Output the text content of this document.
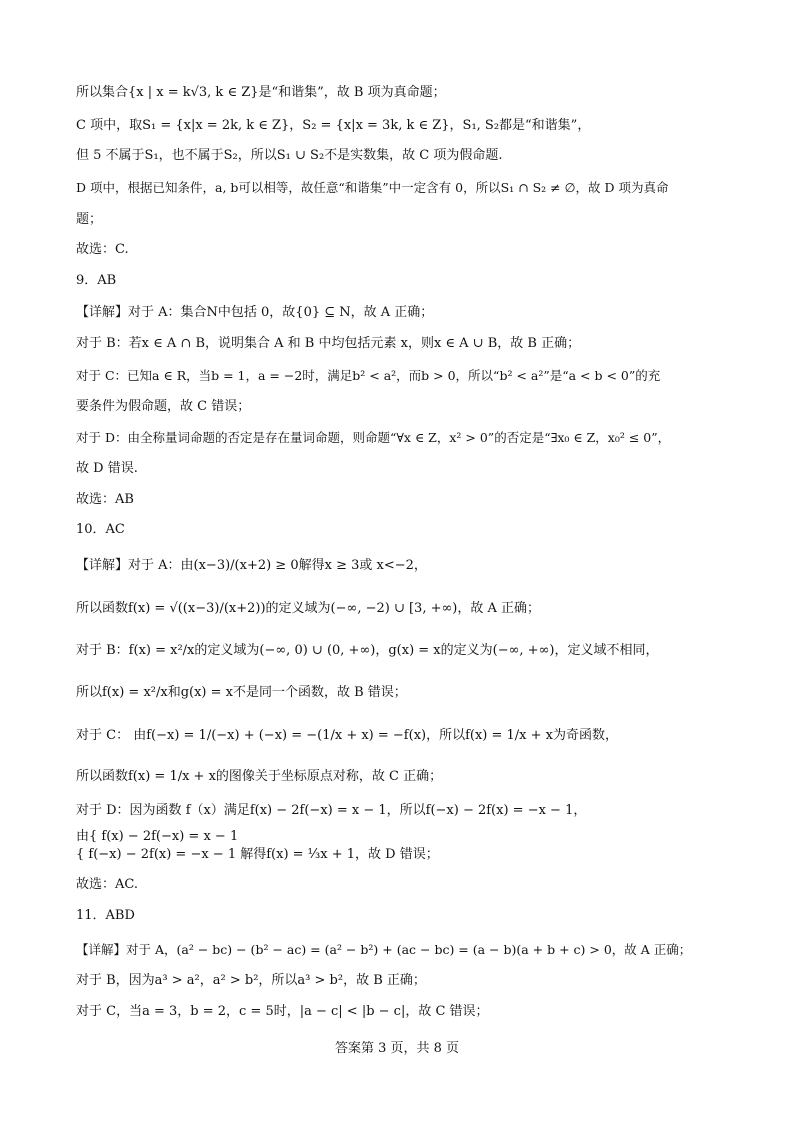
所以集合{x | x = k√3, k ∈ Z}是“和谐集”，故 B 项为真命题；
C 项中，取S₁ = {x|x = 2k, k ∈ Z}，S₂ = {x|x = 3k, k ∈ Z}，S₁, S₂都是“和谐集”，
但 5 不属于S₁，也不属于S₂，所以S₁ ∪ S₂不是实数集，故 C 项为假命题.
D 项中，根据已知条件，a, b可以相等，故任意“和谐集”中一定含有 0，所以S₁ ∩ S₂ ≠ ∅，故 D 项为真命
题；
故选：C.
9．AB
【详解】对于 A：集合N中包括 0，故{0} ⊆ N，故 A 正确；
对于 B：若x ∈ A ∩ B，说明集合 A 和 B 中均包括元素 x，则x ∈ A ∪ B，故 B 正确；
对于 C：已知a ∈ R，当b = 1，a = −2时，满足b² < a²，而b > 0，所以“b² < a²”是“a < b < 0”的充
要条件为假命题，故 C 错误；
对于 D：由全称量词命题的否定是存在量词命题，则命题“∀x ∈ Z，x² > 0”的否定是“∃x₀ ∈ Z，x₀² ≤ 0”，
故 D 错误.
故选：AB
10．AC
【详解】对于 A：由(x−3)/(x+2) ≥ 0解得x ≥ 3或 x<−2，
所以函数f(x) = √((x−3)/(x+2))的定义域为(−∞, −2) ∪ [3, +∞)，故 A 正确；
对于 B：f(x) = x²/x的定义域为(−∞, 0) ∪ (0, +∞)，g(x) = x的定义为(−∞, +∞)，定义域不相同，
所以f(x) = x²/x和g(x) = x不是同一个函数，故 B 错误；
对于 C： 由f(−x) = 1/(−x) + (−x) = −(1/x + x) = −f(x)，所以f(x) = 1/x + x为奇函数，
所以函数f(x) = 1/x + x的图像关于坐标原点对称，故 C 正确；
对于 D：因为函数 f（x）满足f(x) − 2f(−x) = x − 1，所以f(−x) − 2f(x) = −x − 1，
由{ f(x) − 2f(−x) = x − 1
{ f(−x) − 2f(x) = −x − 1 解得f(x) = ⅓x + 1，故 D 错误；
故选：AC.
11．ABD
【详解】对于 A，(a² − bc) − (b² − ac) = (a² − b²) + (ac − bc) = (a − b)(a + b + c) > 0，故 A 正确；
对于 B，因为a³ > a²，a² > b²，所以a³ > b²，故 B 正确；
对于 C，当a = 3，b = 2，c = 5时，|a − c| < |b − c|，故 C 错误；
答案第 3 页，共 8 页
